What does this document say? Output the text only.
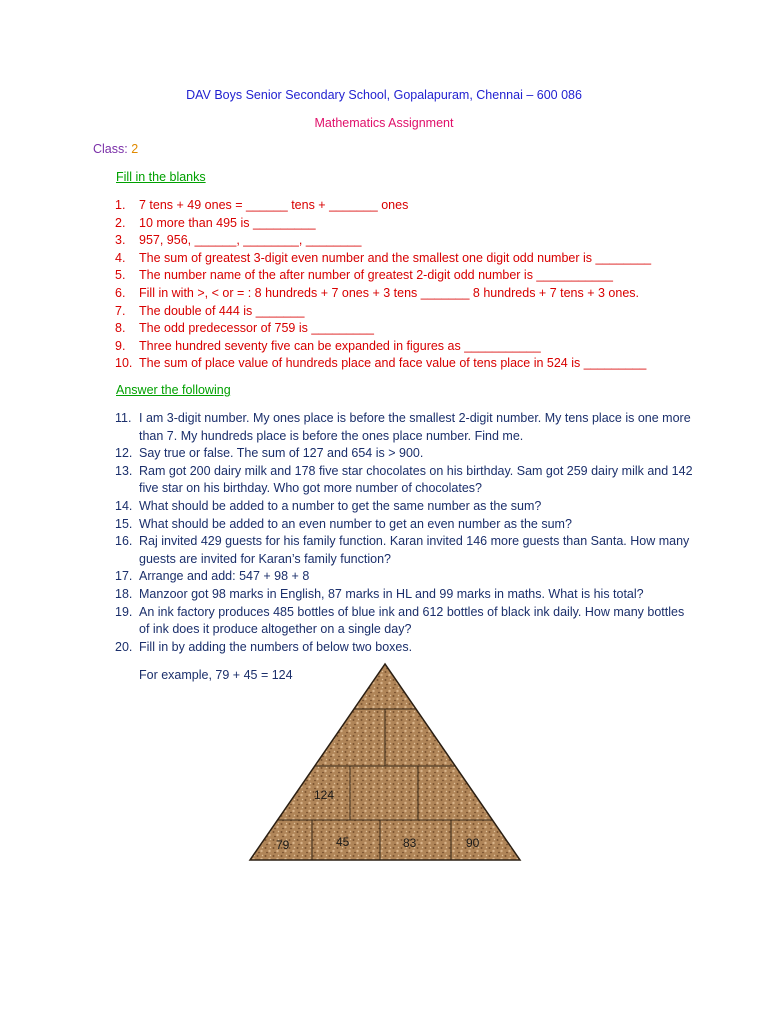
DAV Boys Senior Secondary School, Gopalapuram, Chennai – 600 086
Mathematics Assignment
Class: 2
Fill in the blanks
1. 7 tens + 49 ones = ______ tens + _______ ones
2. 10 more than 495 is _________
3. 957, 956, ______, ________, ________
4. The sum of greatest 3-digit even number and the smallest one digit odd number is ________
5. The number name of the after number of greatest 2-digit odd number is ___________
6. Fill in with >, < or = : 8 hundreds + 7 ones + 3 tens _______ 8 hundreds + 7 tens + 3 ones.
7. The double of 444 is _______
8. The odd predecessor of 759 is _________
9. Three hundred seventy five can be expanded in figures as ___________
10. The sum of place value of hundreds place and face value of tens place in 524 is _________
Answer the following
11. I am 3-digit number. My ones place is before the smallest 2-digit number. My tens place is one more than 7. My hundreds place is before the ones place number. Find me.
12. Say true or false. The sum of 127 and 654 is > 900.
13. Ram got 200 dairy milk and 178 five star chocolates on his birthday. Sam got 259 dairy milk and 142 five star on his birthday. Who got more number of chocolates?
14. What should be added to a number to get the same number as the sum?
15. What should be added to an even number to get an even number as the sum?
16. Raj invited 429 guests for his family function. Karan invited 146 more guests than Santa. How many guests are invited for Karan’s family function?
17. Arrange and add: 547 + 98 + 8
18. Manzoor got 98 marks in English, 87 marks in HL and 99 marks in maths. What is his total?
19. An ink factory produces 485 bottles of blue ink and 612 bottles of black ink daily. How many bottles of ink does it produce altogether on a single day?
20. Fill in by adding the numbers of below two boxes.
For example, 79 + 45 = 124
124
79	45	83	90
